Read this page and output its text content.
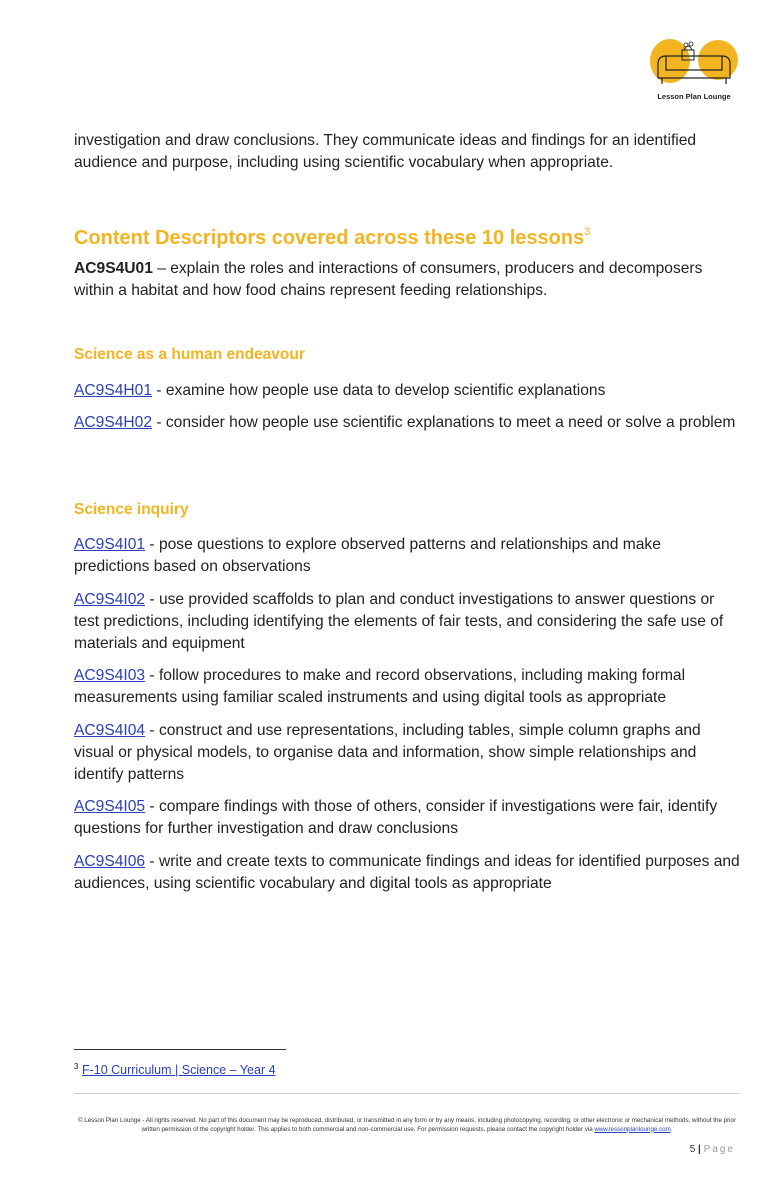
Lesson Plan Lounge

investigation and draw conclusions. They communicate ideas and findings for an identified audience and purpose, including using scientific vocabulary when appropriate.

Content Descriptors covered across these 10 lessons$^3$

AC9S4U01 – explain the roles and interactions of consumers, producers and decomposers within a habitat and how food chains represent feeding relationships.

Science as a human endeavour

AC9S4H01 - examine how people use data to develop scientific explanations

AC9S4H02 - consider how people use scientific explanations to meet a need or solve a problem

Science inquiry

AC9S4I01 - pose questions to explore observed patterns and relationships and make predictions based on observations

AC9S4I02 - use provided scaffolds to plan and conduct investigations to answer questions or test predictions, including identifying the elements of fair tests, and considering the safe use of materials and equipment

AC9S4I03 - follow procedures to make and record observations, including making formal measurements using familiar scaled instruments and using digital tools as appropriate

AC9S4I04 - construct and use representations, including tables, simple column graphs and visual or physical models, to organise data and information, show simple relationships and identify patterns

AC9S4I05 - compare findings with those of others, consider if investigations were fair, identify questions for further investigation and draw conclusions

AC9S4I06 - write and create texts to communicate findings and ideas for identified purposes and audiences, using scientific vocabulary and digital tools as appropriate

$^3$ F-10 Curriculum | Science – Year 4
© Lesson Plan Lounge - All rights reserved. No part of this document may be reproduced, distributed, or transmitted in any form or by any means, including photocopying, recording, or other electronic or mechanical methods, without the prior written permission of the copyright holder. This applies to both commercial and non-commercial use. For permission requests, please contact the copyright holder via www.lessonplanlounge.com.
5 | Page
